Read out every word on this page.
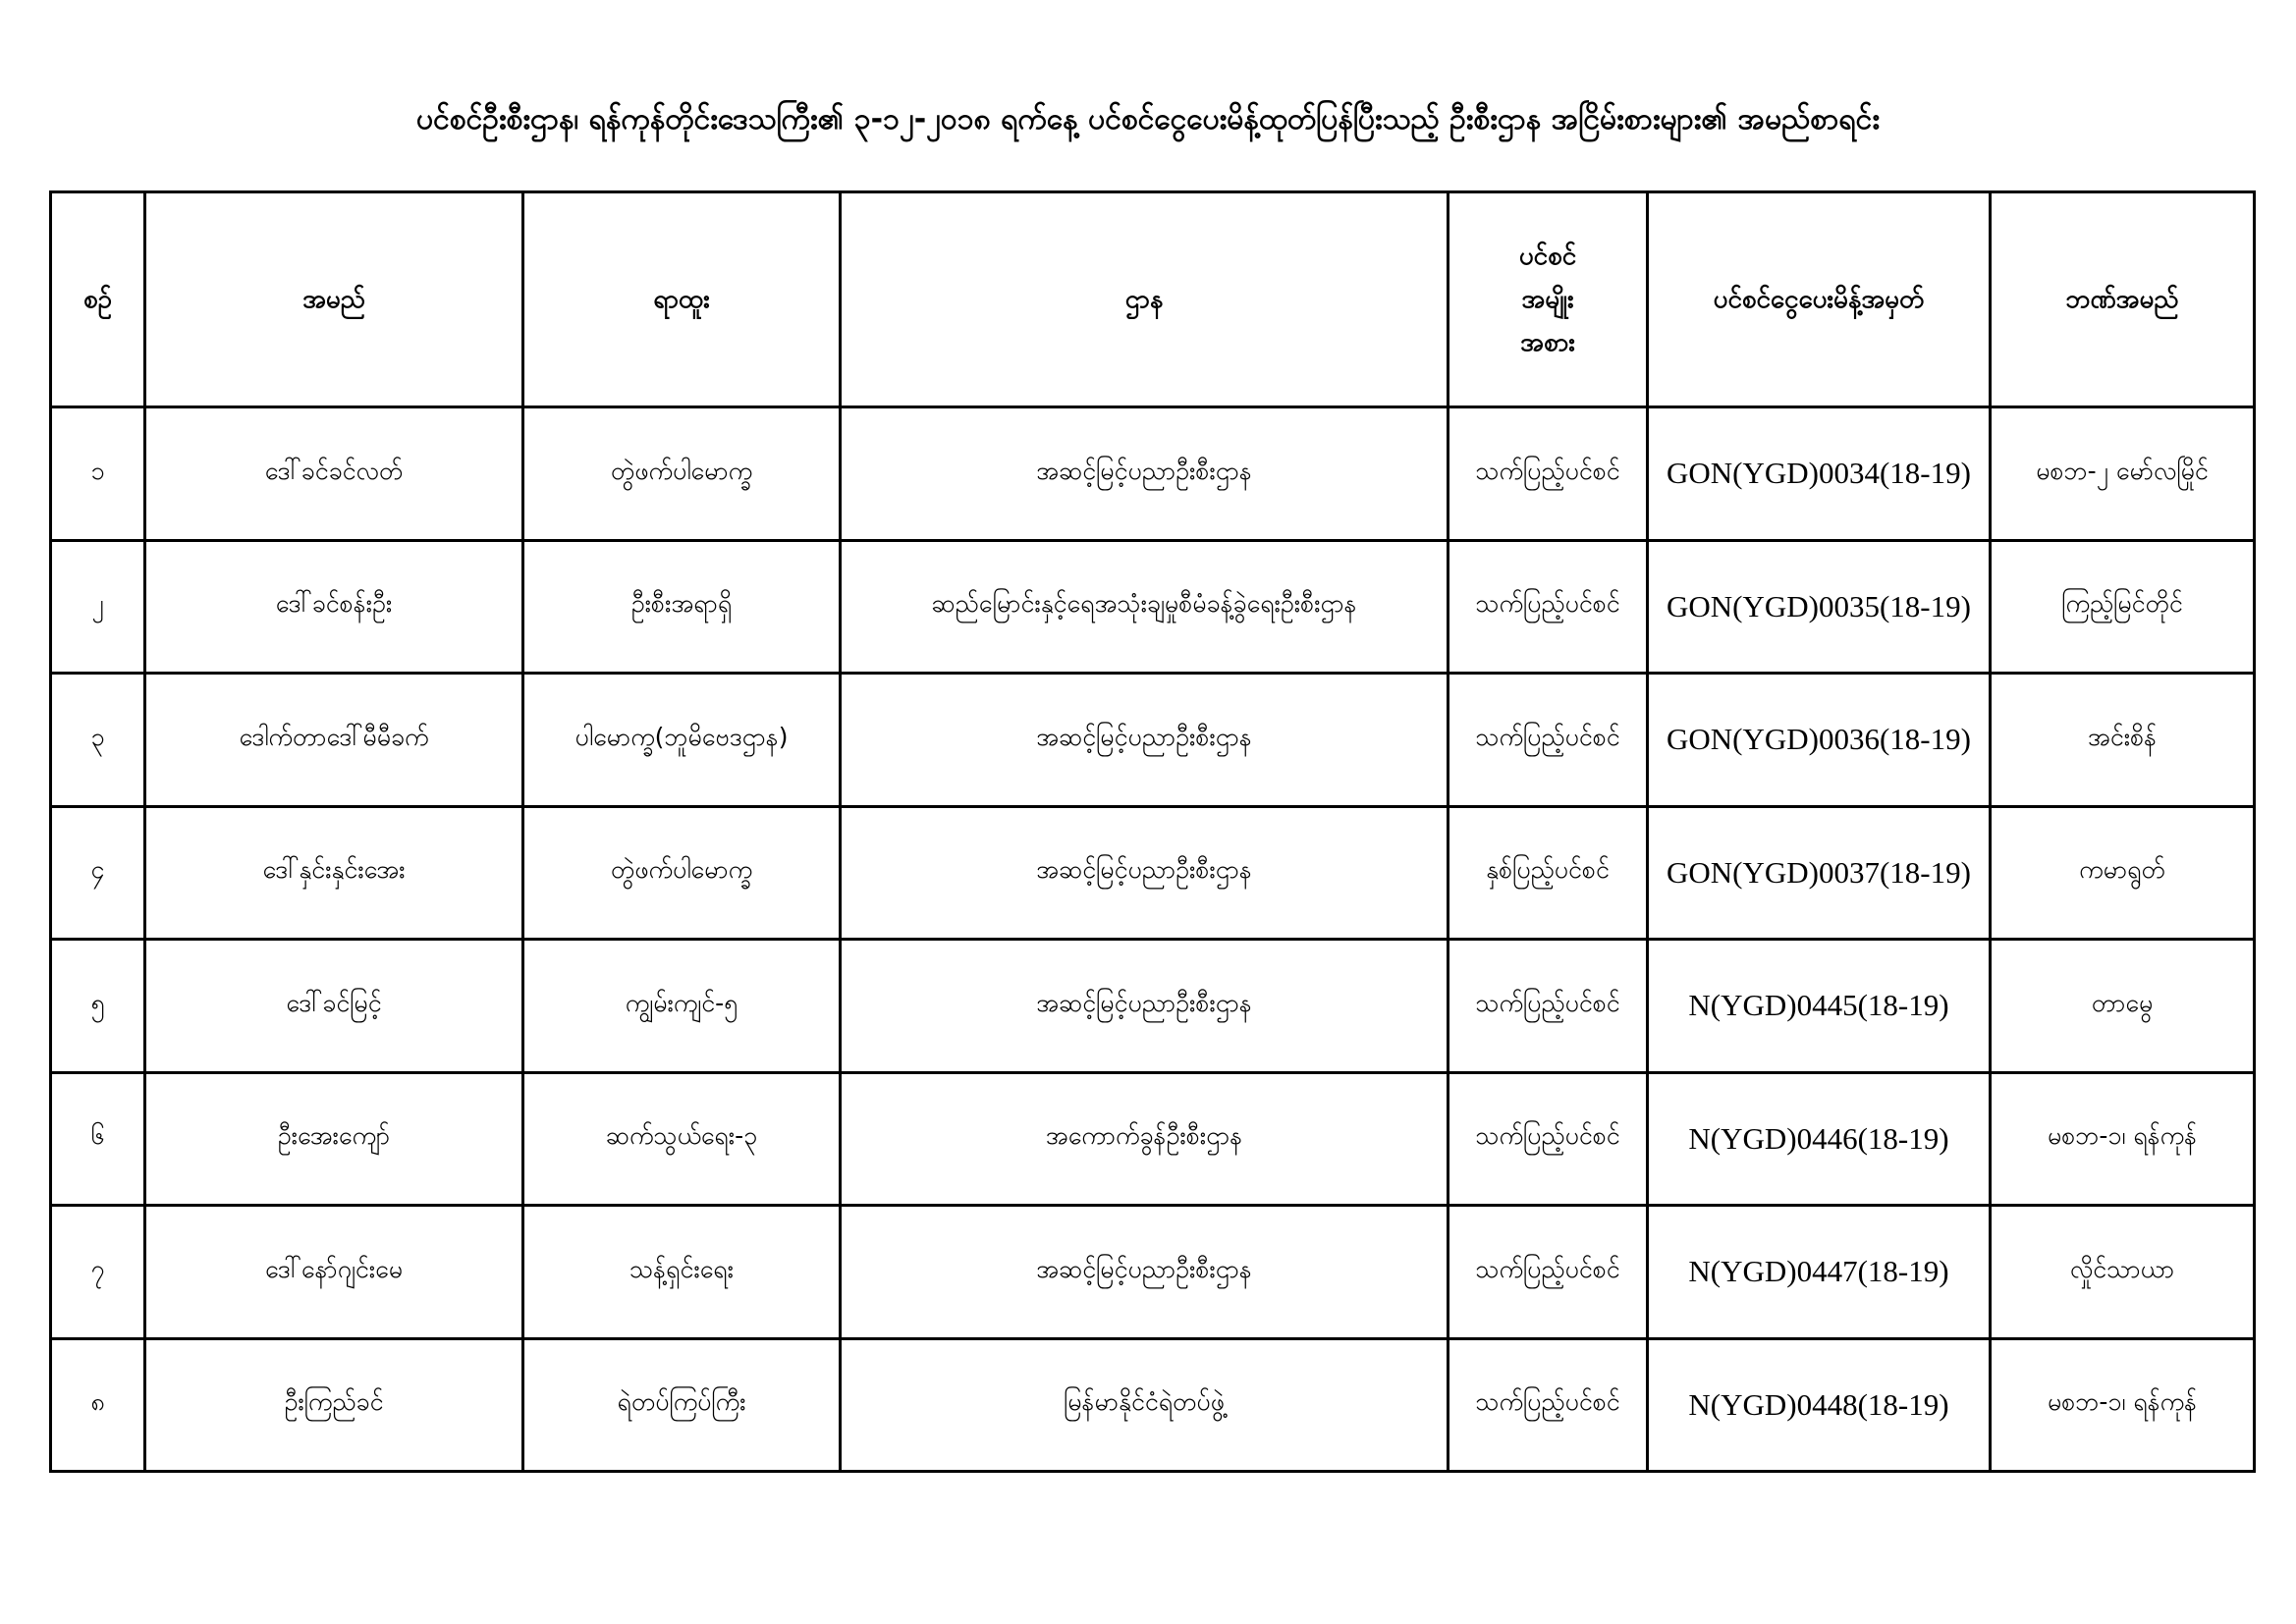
ပင်စင်ဦးစီးဌာန၊ ရန်ကုန်တိုင်းဒေသကြီး၏ ၃-၁၂-၂၀၁၈ ရက်နေ့ ပင်စင်ငွေပေးမိန့်ထုတ်ပြန်ပြီးသည့် ဦးစီးဌာန အငြိမ်းစားများ၏ အမည်စာရင်း
စဉ်	အမည်	ရာထူး	ဌာန	ပင်စင်
အမျိုး
အစား	ပင်စင်ငွေပေးမိန့်အမှတ်	ဘဏ်အမည်
၁	ဒေါ်ခင်ခင်လတ်	တွဲဖက်ပါမောက္ခ	အဆင့်မြင့်ပညာဦးစီးဌာန	သက်ပြည့်ပင်စင်	GON(YGD)0034(18-19)	မစဘ-၂ မော်လမြိုင်
၂	ဒေါ်ခင်စန်းဦး	ဦးစီးအရာရှိ	ဆည်မြောင်းနှင့်ရေအသုံးချမှုစီမံခန့်ခွဲရေးဦးစီးဌာန	သက်ပြည့်ပင်စင်	GON(YGD)0035(18-19)	ကြည့်မြင်တိုင်
၃	ဒေါက်တာဒေါ်မီမီခက်	ပါမောက္ခ(ဘူမိဗေဒဌာန)	အဆင့်မြင့်ပညာဦးစီးဌာန	သက်ပြည့်ပင်စင်	GON(YGD)0036(18-19)	အင်းစိန်
၄	ဒေါ်နှင်းနှင်းအေး	တွဲဖက်ပါမောက္ခ	အဆင့်မြင့်ပညာဦးစီးဌာန	နှစ်ပြည့်ပင်စင်	GON(YGD)0037(18-19)	ကမာရွတ်
၅	ဒေါ်ခင်မြင့်	ကျွမ်းကျင်-၅	အဆင့်မြင့်ပညာဦးစီးဌာန	သက်ပြည့်ပင်စင်	N(YGD)0445(18-19)	တာမွေ
၆	ဦးအေးကျော်	ဆက်သွယ်ရေး-၃	အကောက်ခွန်ဦးစီးဌာန	သက်ပြည့်ပင်စင်	N(YGD)0446(18-19)	မစဘ-၁၊ ရန်ကုန်
၇	ဒေါ်နော်ဂျင်းမေ	သန့်ရှင်းရေး	အဆင့်မြင့်ပညာဦးစီးဌာန	သက်ပြည့်ပင်စင်	N(YGD)0447(18-19)	လှိုင်သာယာ
၈	ဦးကြည်ခင်	ရဲတပ်ကြပ်ကြီး	မြန်မာနိုင်ငံရဲတပ်ဖွဲ့	သက်ပြည့်ပင်စင်	N(YGD)0448(18-19)	မစဘ-၁၊ ရန်ကုန်
